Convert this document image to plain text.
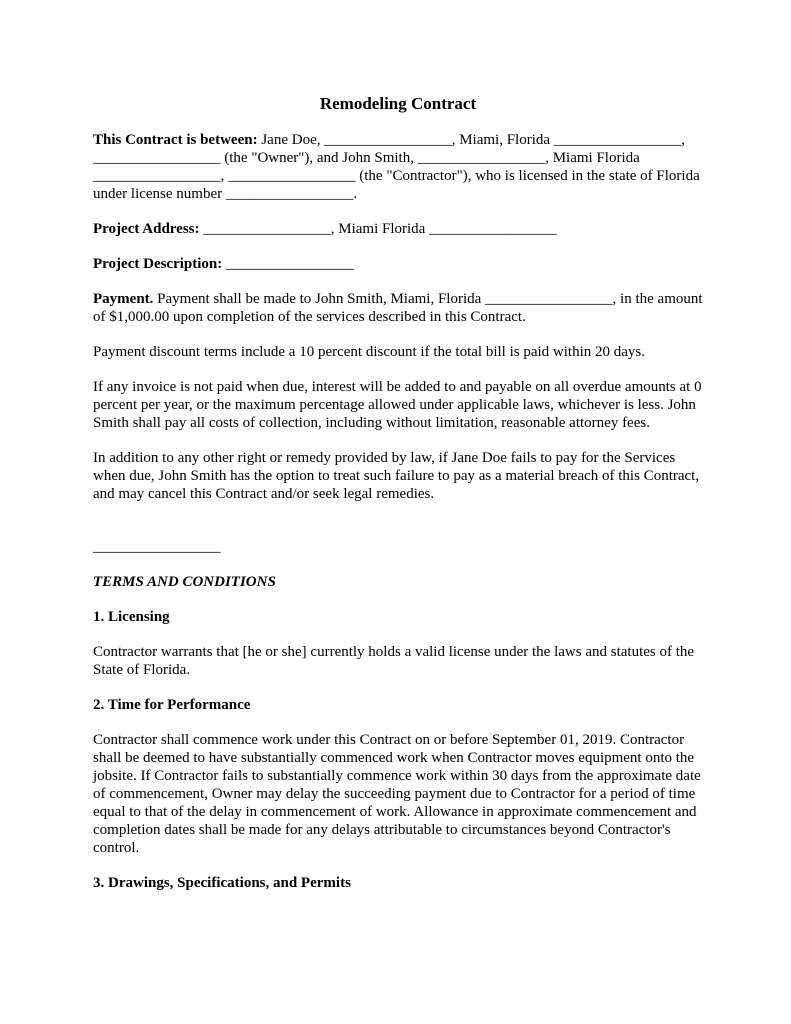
Remodeling Contract

This Contract is between: Jane Doe, _________________, Miami, Florida _________________, _________________ (the "Owner"), and John Smith, _________________, Miami Florida _________________, _________________ (the "Contractor"), who is licensed in the state of Florida under license number _________________.

Project Address: _________________, Miami Florida _________________

Project Description: _________________

Payment. Payment shall be made to John Smith, Miami, Florida _________________, in the amount of $1,000.00 upon completion of the services described in this Contract.

Payment discount terms include a 10 percent discount if the total bill is paid within 20 days.

If any invoice is not paid when due, interest will be added to and payable on all overdue amounts at 0 percent per year, or the maximum percentage allowed under applicable laws, whichever is less. John Smith shall pay all costs of collection, including without limitation, reasonable attorney fees.

In addition to any other right or remedy provided by law, if Jane Doe fails to pay for the Services when due, John Smith has the option to treat such failure to pay as a material breach of this Contract, and may cancel this Contract and/or seek legal remedies.

_________________
TERMS AND CONDITIONS
1. Licensing

Contractor warrants that [he or she] currently holds a valid license under the laws and statutes of the State of Florida.

2. Time for Performance

Contractor shall commence work under this Contract on or before September 01, 2019. Contractor shall be deemed to have substantially commenced work when Contractor moves equipment onto the jobsite. If Contractor fails to substantially commence work within 30 days from the approximate date of commencement, Owner may delay the succeeding payment due to Contractor for a period of time equal to that of the delay in commencement of work. Allowance in approximate commencement and completion dates shall be made for any delays attributable to circumstances beyond Contractor's control.

3. Drawings, Specifications, and Permits
